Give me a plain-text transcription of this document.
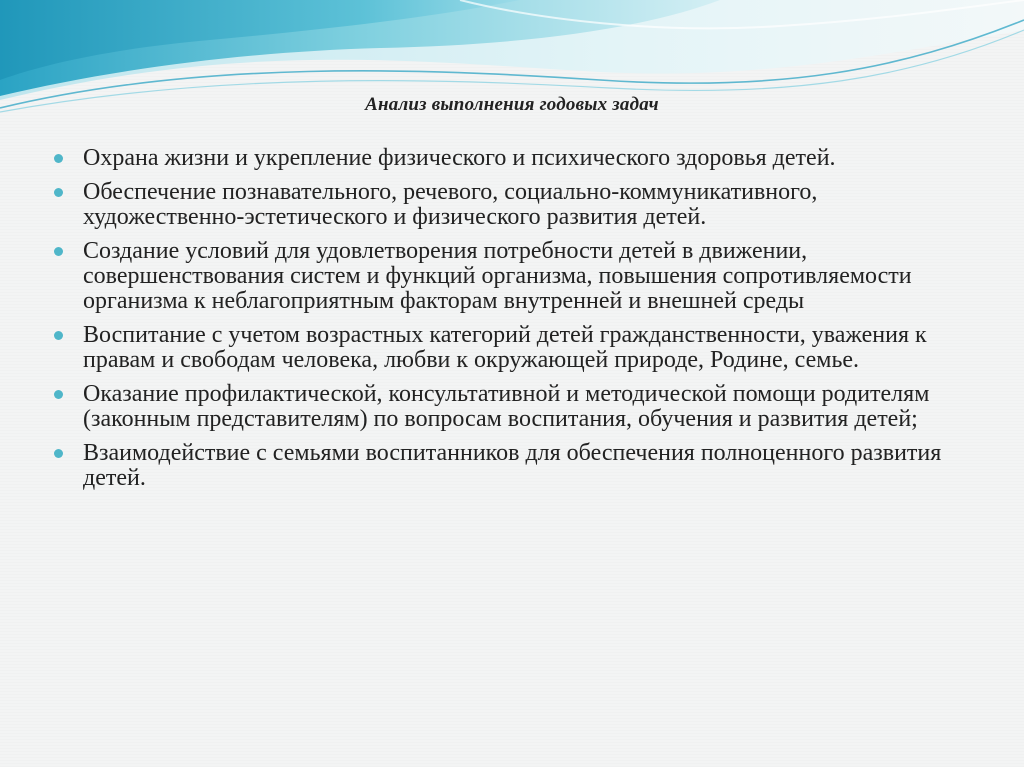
Анализ выполнения годовых задач
Охрана жизни и укрепление физического и психического здоровья детей.
Обеспечение познавательного, речевого, социально-коммуникативного, художественно-эстетического и физического развития детей.
Создание условий для удовлетворения потребности детей в движении, совершенствования систем и функций организма, повышения сопротивляемости организма к неблагоприятным факторам внутренней и внешней среды
Воспитание с учетом возрастных категорий детей гражданственности, уважения к правам и свободам человека, любви к окружающей природе, Родине, семье.
Оказание профилактической, консультативной и методической помощи родителям (законным представителям) по вопросам воспитания, обучения и развития детей;
Взаимодействие с семьями воспитанников для обеспечения полноценного развития детей.
